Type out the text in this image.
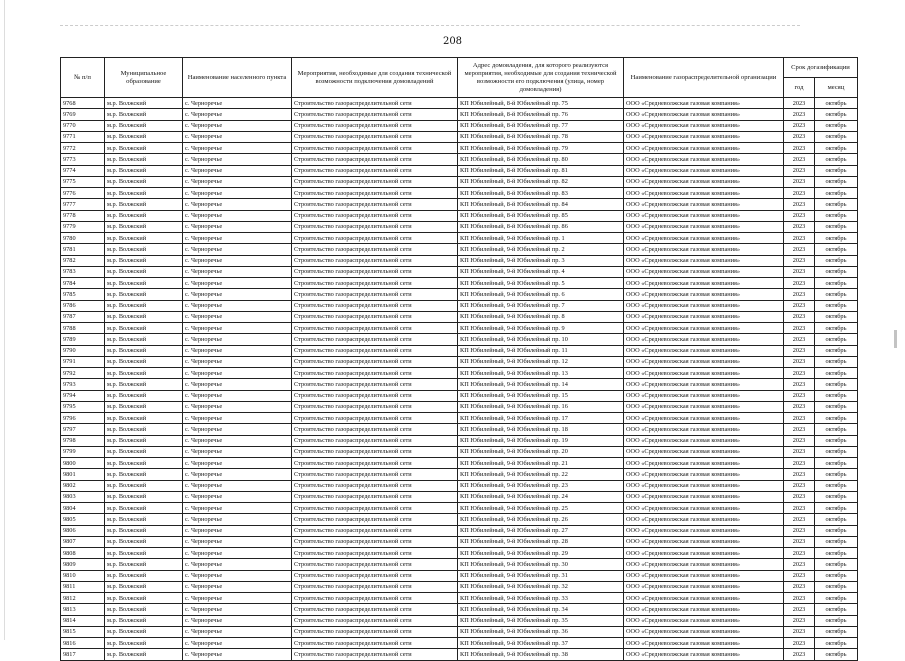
208
№ п/п	Муниципальное образование	Наименование населенного пункта	Мероприятия, необходимые для создания технической возможности подключения домовладений	Адрес домовладения, для которого реализуются мероприятия, необходимые для создания технической возможности его подключения (улица, номер домовладения)	Наименование газораспределительной организации	Срок догазификации	
						год	месяц
9768	м.р. Волжский	с. Черноречье	Строительство газораспределительной сети	КП Юбилейный, 8-й Юбилейный пр. 75	ООО «Средневолжская газовая компания»	2023	октябрь
9769	м.р. Волжский	с. Черноречье	Строительство газораспределительной сети	КП Юбилейный, 8-й Юбилейный пр. 76	ООО «Средневолжская газовая компания»	2023	октябрь
9770	м.р. Волжский	с. Черноречье	Строительство газораспределительной сети	КП Юбилейный, 8-й Юбилейный пр. 77	ООО «Средневолжская газовая компания»	2023	октябрь
9771	м.р. Волжский	с. Черноречье	Строительство газораспределительной сети	КП Юбилейный, 8-й Юбилейный пр. 78	ООО «Средневолжская газовая компания»	2023	октябрь
9772	м.р. Волжский	с. Черноречье	Строительство газораспределительной сети	КП Юбилейный, 8-й Юбилейный пр. 79	ООО «Средневолжская газовая компания»	2023	октябрь
9773	м.р. Волжский	с. Черноречье	Строительство газораспределительной сети	КП Юбилейный, 8-й Юбилейный пр. 80	ООО «Средневолжская газовая компания»	2023	октябрь
9774	м.р. Волжский	с. Черноречье	Строительство газораспределительной сети	КП Юбилейный, 8-й Юбилейный пр. 81	ООО «Средневолжская газовая компания»	2023	октябрь
9775	м.р. Волжский	с. Черноречье	Строительство газораспределительной сети	КП Юбилейный, 8-й Юбилейный пр. 82	ООО «Средневолжская газовая компания»	2023	октябрь
9776	м.р. Волжский	с. Черноречье	Строительство газораспределительной сети	КП Юбилейный, 8-й Юбилейный пр. 83	ООО «Средневолжская газовая компания»	2023	октябрь
9777	м.р. Волжский	с. Черноречье	Строительство газораспределительной сети	КП Юбилейный, 8-й Юбилейный пр. 84	ООО «Средневолжская газовая компания»	2023	октябрь
9778	м.р. Волжский	с. Черноречье	Строительство газораспределительной сети	КП Юбилейный, 8-й Юбилейный пр. 85	ООО «Средневолжская газовая компания»	2023	октябрь
9779	м.р. Волжский	с. Черноречье	Строительство газораспределительной сети	КП Юбилейный, 8-й Юбилейный пр. 86	ООО «Средневолжская газовая компания»	2023	октябрь
9780	м.р. Волжский	с. Черноречье	Строительство газораспределительной сети	КП Юбилейный, 9-й Юбилейный пр. 1	ООО «Средневолжская газовая компания»	2023	октябрь
9781	м.р. Волжский	с. Черноречье	Строительство газораспределительной сети	КП Юбилейный, 9-й Юбилейный пр. 2	ООО «Средневолжская газовая компания»	2023	октябрь
9782	м.р. Волжский	с. Черноречье	Строительство газораспределительной сети	КП Юбилейный, 9-й Юбилейный пр. 3	ООО «Средневолжская газовая компания»	2023	октябрь
9783	м.р. Волжский	с. Черноречье	Строительство газораспределительной сети	КП Юбилейный, 9-й Юбилейный пр. 4	ООО «Средневолжская газовая компания»	2023	октябрь
9784	м.р. Волжский	с. Черноречье	Строительство газораспределительной сети	КП Юбилейный, 9-й Юбилейный пр. 5	ООО «Средневолжская газовая компания»	2023	октябрь
9785	м.р. Волжский	с. Черноречье	Строительство газораспределительной сети	КП Юбилейный, 9-й Юбилейный пр. 6	ООО «Средневолжская газовая компания»	2023	октябрь
9786	м.р. Волжский	с. Черноречье	Строительство газораспределительной сети	КП Юбилейный, 9-й Юбилейный пр. 7	ООО «Средневолжская газовая компания»	2023	октябрь
9787	м.р. Волжский	с. Черноречье	Строительство газораспределительной сети	КП Юбилейный, 9-й Юбилейный пр. 8	ООО «Средневолжская газовая компания»	2023	октябрь
9788	м.р. Волжский	с. Черноречье	Строительство газораспределительной сети	КП Юбилейный, 9-й Юбилейный пр. 9	ООО «Средневолжская газовая компания»	2023	октябрь
9789	м.р. Волжский	с. Черноречье	Строительство газораспределительной сети	КП Юбилейный, 9-й Юбилейный пр. 10	ООО «Средневолжская газовая компания»	2023	октябрь
9790	м.р. Волжский	с. Черноречье	Строительство газораспределительной сети	КП Юбилейный, 9-й Юбилейный пр. 11	ООО «Средневолжская газовая компания»	2023	октябрь
9791	м.р. Волжский	с. Черноречье	Строительство газораспределительной сети	КП Юбилейный, 9-й Юбилейный пр. 12	ООО «Средневолжская газовая компания»	2023	октябрь
9792	м.р. Волжский	с. Черноречье	Строительство газораспределительной сети	КП Юбилейный, 9-й Юбилейный пр. 13	ООО «Средневолжская газовая компания»	2023	октябрь
9793	м.р. Волжский	с. Черноречье	Строительство газораспределительной сети	КП Юбилейный, 9-й Юбилейный пр. 14	ООО «Средневолжская газовая компания»	2023	октябрь
9794	м.р. Волжский	с. Черноречье	Строительство газораспределительной сети	КП Юбилейный, 9-й Юбилейный пр. 15	ООО «Средневолжская газовая компания»	2023	октябрь
9795	м.р. Волжский	с. Черноречье	Строительство газораспределительной сети	КП Юбилейный, 9-й Юбилейный пр. 16	ООО «Средневолжская газовая компания»	2023	октябрь
9796	м.р. Волжский	с. Черноречье	Строительство газораспределительной сети	КП Юбилейный, 9-й Юбилейный пр. 17	ООО «Средневолжская газовая компания»	2023	октябрь
9797	м.р. Волжский	с. Черноречье	Строительство газораспределительной сети	КП Юбилейный, 9-й Юбилейный пр. 18	ООО «Средневолжская газовая компания»	2023	октябрь
9798	м.р. Волжский	с. Черноречье	Строительство газораспределительной сети	КП Юбилейный, 9-й Юбилейный пр. 19	ООО «Средневолжская газовая компания»	2023	октябрь
9799	м.р. Волжский	с. Черноречье	Строительство газораспределительной сети	КП Юбилейный, 9-й Юбилейный пр. 20	ООО «Средневолжская газовая компания»	2023	октябрь
9800	м.р. Волжский	с. Черноречье	Строительство газораспределительной сети	КП Юбилейный, 9-й Юбилейный пр. 21	ООО «Средневолжская газовая компания»	2023	октябрь
9801	м.р. Волжский	с. Черноречье	Строительство газораспределительной сети	КП Юбилейный, 9-й Юбилейный пр. 22	ООО «Средневолжская газовая компания»	2023	октябрь
9802	м.р. Волжский	с. Черноречье	Строительство газораспределительной сети	КП Юбилейный, 9-й Юбилейный пр. 23	ООО «Средневолжская газовая компания»	2023	октябрь
9803	м.р. Волжский	с. Черноречье	Строительство газораспределительной сети	КП Юбилейный, 9-й Юбилейный пр. 24	ООО «Средневолжская газовая компания»	2023	октябрь
9804	м.р. Волжский	с. Черноречье	Строительство газораспределительной сети	КП Юбилейный, 9-й Юбилейный пр. 25	ООО «Средневолжская газовая компания»	2023	октябрь
9805	м.р. Волжский	с. Черноречье	Строительство газораспределительной сети	КП Юбилейный, 9-й Юбилейный пр. 26	ООО «Средневолжская газовая компания»	2023	октябрь
9806	м.р. Волжский	с. Черноречье	Строительство газораспределительной сети	КП Юбилейный, 9-й Юбилейный пр. 27	ООО «Средневолжская газовая компания»	2023	октябрь
9807	м.р. Волжский	с. Черноречье	Строительство газораспределительной сети	КП Юбилейный, 9-й Юбилейный пр. 28	ООО «Средневолжская газовая компания»	2023	октябрь
9808	м.р. Волжский	с. Черноречье	Строительство газораспределительной сети	КП Юбилейный, 9-й Юбилейный пр. 29	ООО «Средневолжская газовая компания»	2023	октябрь
9809	м.р. Волжский	с. Черноречье	Строительство газораспределительной сети	КП Юбилейный, 9-й Юбилейный пр. 30	ООО «Средневолжская газовая компания»	2023	октябрь
9810	м.р. Волжский	с. Черноречье	Строительство газораспределительной сети	КП Юбилейный, 9-й Юбилейный пр. 31	ООО «Средневолжская газовая компания»	2023	октябрь
9811	м.р. Волжский	с. Черноречье	Строительство газораспределительной сети	КП Юбилейный, 9-й Юбилейный пр. 32	ООО «Средневолжская газовая компания»	2023	октябрь
9812	м.р. Волжский	с. Черноречье	Строительство газораспределительной сети	КП Юбилейный, 9-й Юбилейный пр. 33	ООО «Средневолжская газовая компания»	2023	октябрь
9813	м.р. Волжский	с. Черноречье	Строительство газораспределительной сети	КП Юбилейный, 9-й Юбилейный пр. 34	ООО «Средневолжская газовая компания»	2023	октябрь
9814	м.р. Волжский	с. Черноречье	Строительство газораспределительной сети	КП Юбилейный, 9-й Юбилейный пр. 35	ООО «Средневолжская газовая компания»	2023	октябрь
9815	м.р. Волжский	с. Черноречье	Строительство газораспределительной сети	КП Юбилейный, 9-й Юбилейный пр. 36	ООО «Средневолжская газовая компания»	2023	октябрь
9816	м.р. Волжский	с. Черноречье	Строительство газораспределительной сети	КП Юбилейный, 9-й Юбилейный пр. 37	ООО «Средневолжская газовая компания»	2023	октябрь
9817	м.р. Волжский	с. Черноречье	Строительство газораспределительной сети	КП Юбилейный, 9-й Юбилейный пр. 38	ООО «Средневолжская газовая компания»	2023	октябрь
